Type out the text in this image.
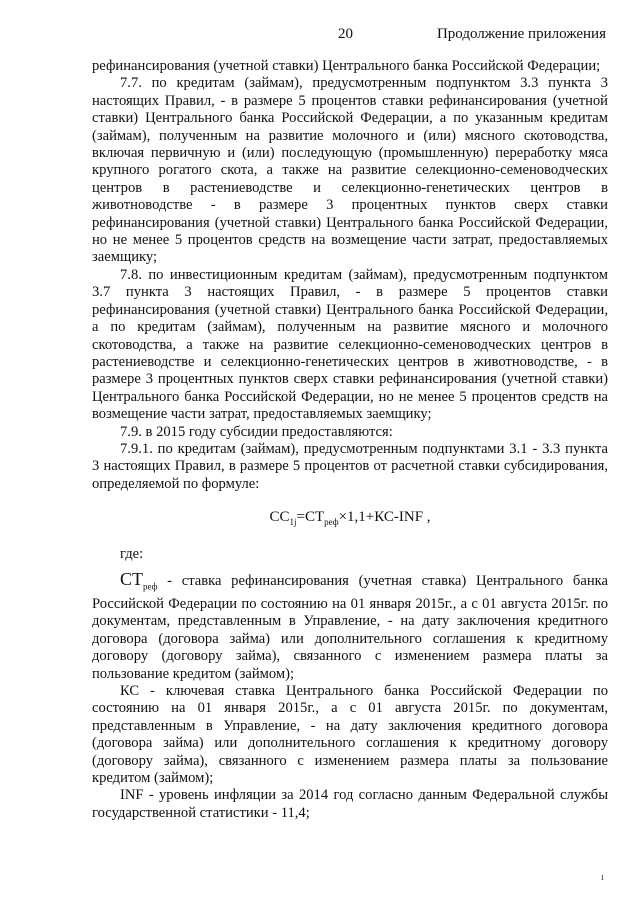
20	Продолжение приложения

рефинансирования (учетной ставки) Центрального банка Российской Федерации;

7.7. по кредитам (займам), предусмотренным подпунктом 3.3 пункта 3 настоящих Правил, - в размере 5 процентов ставки рефинансирования (учетной ставки) Центрального банка Российской Федерации, а по указанным кредитам (займам), полученным на развитие молочного и (или) мясного скотоводства, включая первичную и (или) последующую (промышленную) переработку мяса крупного рогатого скота, а также на развитие селекционно-семеноводческих центров в растениеводстве и селекционно-генетических центров в животноводстве - в размере 3 процентных пунктов сверх ставки рефинансирования (учетной ставки) Центрального банка Российской Федерации, но не менее 5 процентов средств на возмещение части затрат, предоставляемых заемщику;

7.8. по инвестиционным кредитам (займам), предусмотренным подпунктом 3.7 пункта 3 настоящих Правил, - в размере 5 процентов ставки рефинансирования (учетной ставки) Центрального банка Российской Федерации, а по кредитам (займам), полученным на развитие мясного и молочного скотоводства, а также на развитие селекционно-семеноводческих центров в растениеводстве и селекционно-генетических центров в животноводстве, - в размере 3 процентных пунктов сверх ставки рефинансирования (учетной ставки) Центрального банка Российской Федерации, но не менее 5 процентов средств на возмещение части затрат, предоставляемых заемщику;

7.9. в 2015 году субсидии предоставляются:

7.9.1. по кредитам (займам), предусмотренным подпунктами 3.1 - 3.3 пункта 3 настоящих Правил, в размере 5 процентов от расчетной ставки субсидирования, определяемой по формуле:

$СС_{1j}=СТ_{реф}\times 1,1+КС$-INF ,

где:

$СТ_{реф}$ - ставка рефинансирования (учетная ставка) Центрального банка Российской Федерации по состоянию на 01 января 2015г., а с 01 августа 2015г. по документам, представленным в Управление, - на дату заключения кредитного договора (договора займа) или дополнительного соглашения к кредитному договору (договору займа), связанного с изменением размера платы за пользование кредитом (займом);

КС - ключевая ставка Центрального банка Российской Федерации по состоянию на 01 января 2015г., а с 01 августа 2015г. по документам, представленным в Управление, - на дату заключения кредитного договора (договора займа) или дополнительного соглашения к кредитному договору (договору займа), связанного с изменением размера платы за пользование кредитом (займом);

INF - уровень инфляции за 2014 год согласно данным Федеральной службы государственной статистики - 11,4;

ı
